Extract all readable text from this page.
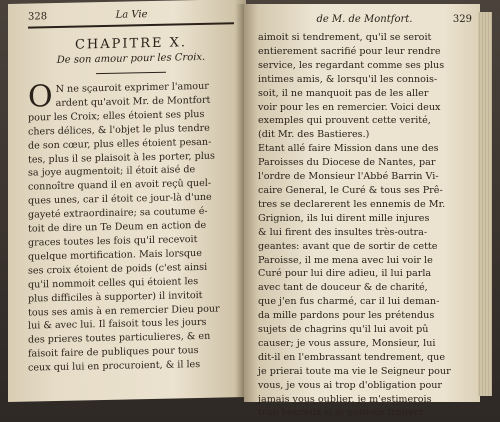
328	La Vie
CHAPITRE X.
De son amour pour les Croix.
O N ne sçauroit exprimer l'amour
ardent qu'avoit Mr. de Montfort
pour les Croix; elles étoient ses plus
chers délices, & l'objet le plus tendre
de son cœur, plus elles étoient pesan-
tes, plus il se plaisoit à les porter, plus
sa joye augmentoit; il étoit aisé de
connoître quand il en avoit reçû quel-
ques unes, car il étoit ce jour-là d'une
gayeté extraordinaire; sa coutume é-
toit de dire un Te Deum en action de
graces toutes les fois qu'il recevoit
quelque mortification. Mais lorsque
ses croix étoient de poids (c'est ainsi
qu'il nommoit celles qui étoient les
plus difficiles à supporter) il invitoit
tous ses amis à en remercier Dieu pour
lui & avec lui. Il faisoit tous les jours
des prieres toutes particulieres, & en
faisoit faire de publiques pour tous
ceux qui lui en procuroient, & il les
de M. de Montfort.	329
aimoit si tendrement, qu'il se seroit
entierement sacrifié pour leur rendre
service, les regardant comme ses plus
intimes amis, & lorsqu'il les connois-
soit, il ne manquoit pas de les aller
voir pour les en remercier. Voici deux
exemples qui prouvent cette verité,
(dit Mr. des Bastieres.)
Etant allé faire Mission dans une des
Paroisses du Diocese de Nantes, par
l'ordre de Monsieur l'Abbé Barrin Vi-
caire General, le Curé & tous ses Prê-
tres se declarerent les ennemis de Mr.
Grignion, ils lui dirent mille injures
& lui firent des insultes très-outra-
geantes: avant que de sortir de cette
Paroisse, il me mena avec lui voir le
Curé pour lui dire adieu, il lui parla
avec tant de douceur & de charité,
que j'en fus charmé, car il lui deman-
da mille pardons pour les prétendus
sujets de chagrins qu'il lui avoit pû
causer; je vous assure, Monsieur, lui
dit-il en l'embrassant tendrement, que
je prierai toute ma vie le Seigneur pour
vous, je vous ai trop d'obligation pour
jamais vous oublier, je m'estimerois
trop heureux si je pouvois trouver
